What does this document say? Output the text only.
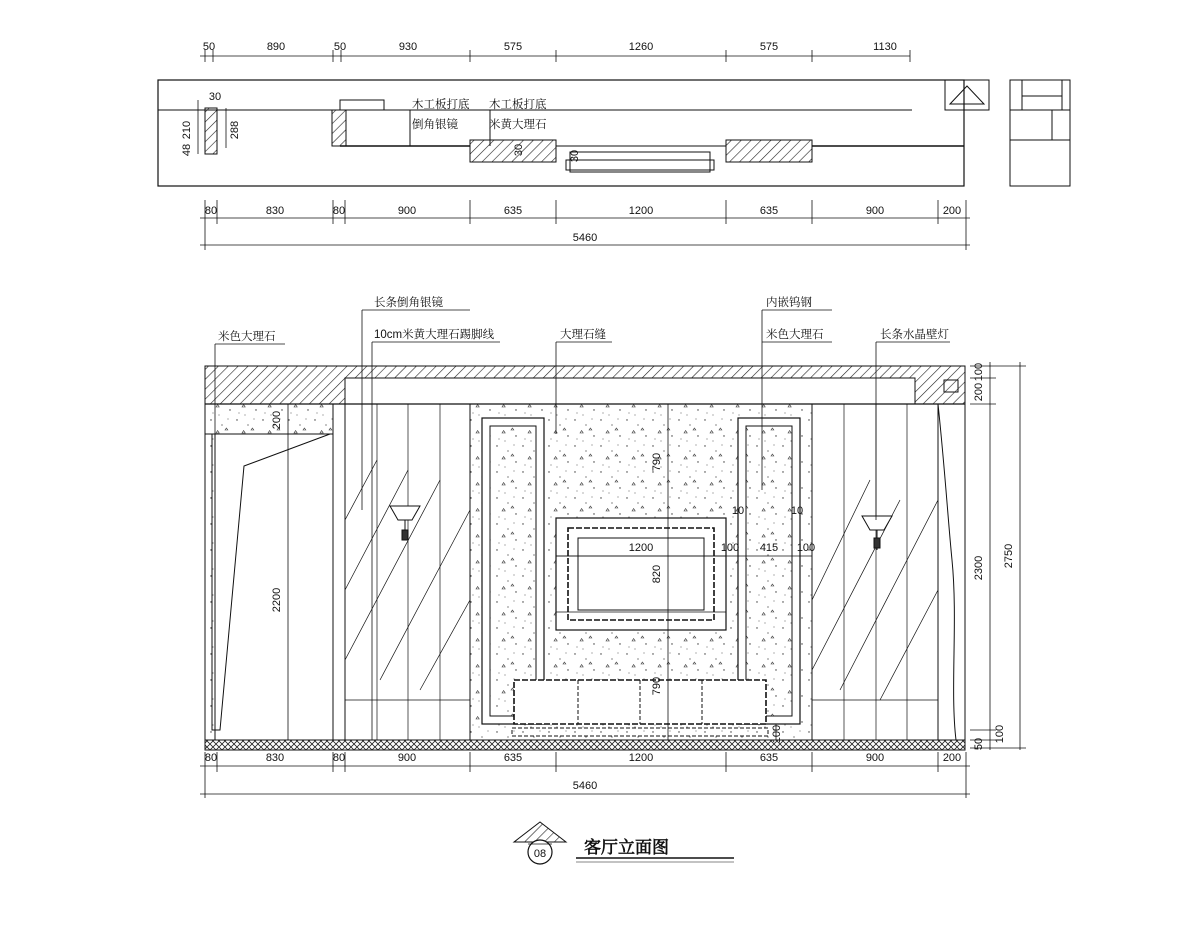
木工板打底
倒角银镜
木工板打底
米黄大理石
50	890	50	930	575	1260	575	1130
30
210	288
48	30	30
80	830	80	900	635	1200	635	900	200
5460
米色大理石
长条倒角银镜
10cm米黄大理石踢脚线	大理石缝
内嵌钨钢
米色大理石	长条水晶壁灯
200
2200
790
1200
820
790
10	10
100 415 100
100
100
200
2300
50
100
2750
80	830	80	900	635	1200	635	900	200
5460
08 客厅立面图
